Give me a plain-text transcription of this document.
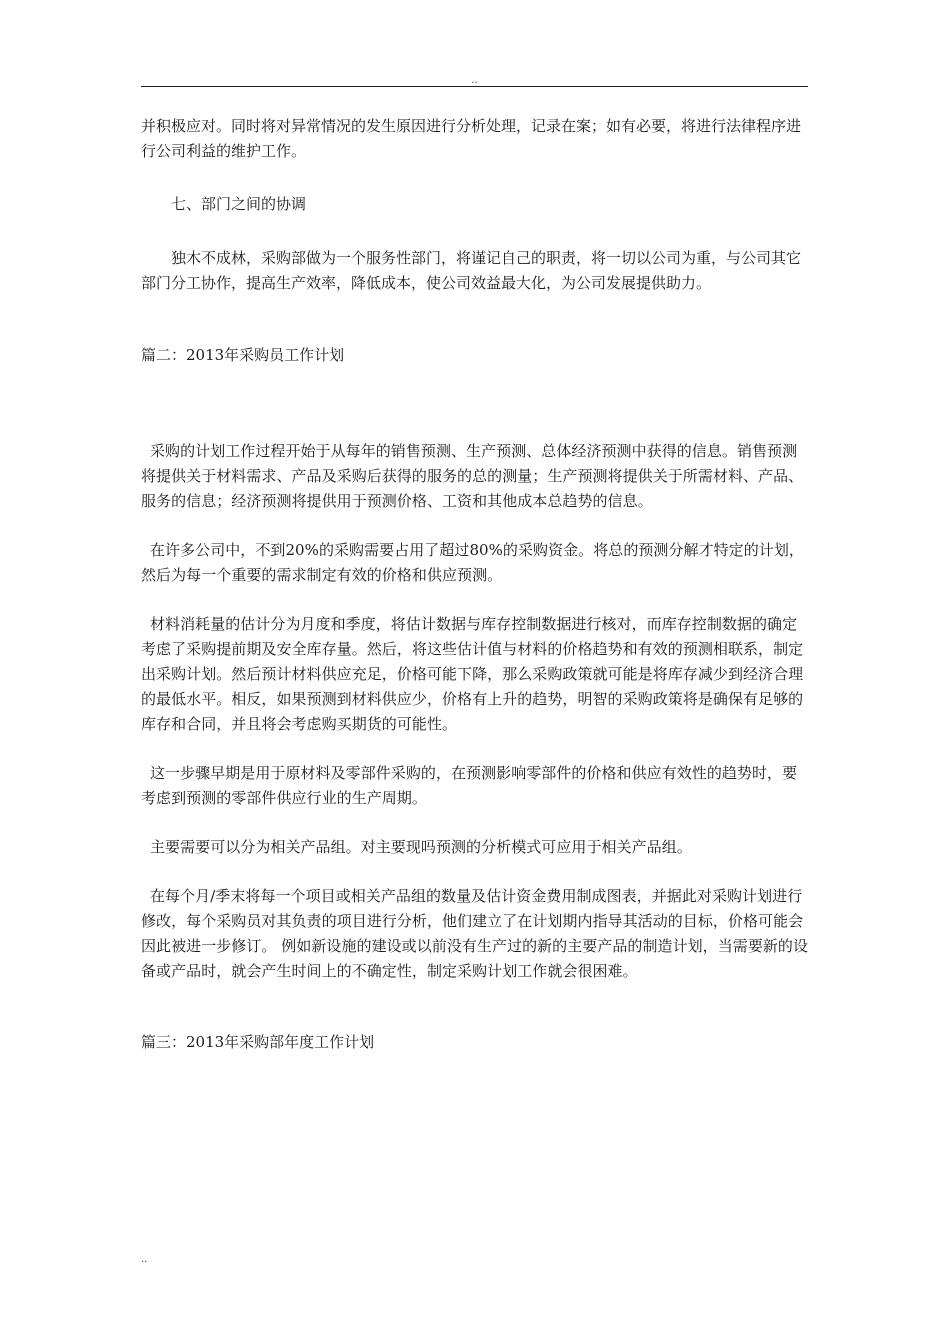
..

并积极应对。同时将对异常情况的发生原因进行分析处理，记录在案；如有必要，将进行法律程序进行公司利益的维护工作。

七、部门之间的协调

独木不成林，采购部做为一个服务性部门，将谨记自己的职责，将一切以公司为重，与公司其它部门分工协作，提高生产效率，降低成本，使公司效益最大化，为公司发展提供助力。

篇二：2013年采购员工作计划

采购的计划工作过程开始于从每年的销售预测、生产预测、总体经济预测中获得的信息。销售预测将提供关于材料需求、产品及采购后获得的服务的总的测量；生产预测将提供关于所需材料、产品、服务的信息；经济预测将提供用于预测价格、工资和其他成本总趋势的信息。

在许多公司中，不到20%的采购需要占用了超过80%的采购资金。将总的预测分解才特定的计划，然后为每一个重要的需求制定有效的价格和供应预测。

材料消耗量的估计分为月度和季度，将估计数据与库存控制数据进行核对，而库存控制数据的确定考虑了采购提前期及安全库存量。然后，将这些估计值与材料的价格趋势和有效的预测相联系，制定出采购计划。然后预计材料供应充足，价格可能下降，那么采购政策就可能是将库存减少到经济合理的最低水平。相反，如果预测到材料供应少，价格有上升的趋势，明智的采购政策将是确保有足够的库存和合同，并且将会考虑购买期货的可能性。

这一步骤早期是用于原材料及零部件采购的，在预测影响零部件的价格和供应有效性的趋势时，要考虑到预测的零部件供应行业的生产周期。

主要需要可以分为相关产品组。对主要现吗预测的分析模式可应用于相关产品组。

在每个月/季末将每一个项目或相关产品组的数量及估计资金费用制成图表，并据此对采购计划进行修改，每个采购员对其负责的项目进行分析，他们建立了在计划期内指导其活动的目标，价格可能会因此被进一步修订。 例如新设施的建设或以前没有生产过的新的主要产品的制造计划，当需要新的设备或产品时，就会产生时间上的不确定性，制定采购计划工作就会很困难。

篇三：2013年采购部年度工作计划

..
